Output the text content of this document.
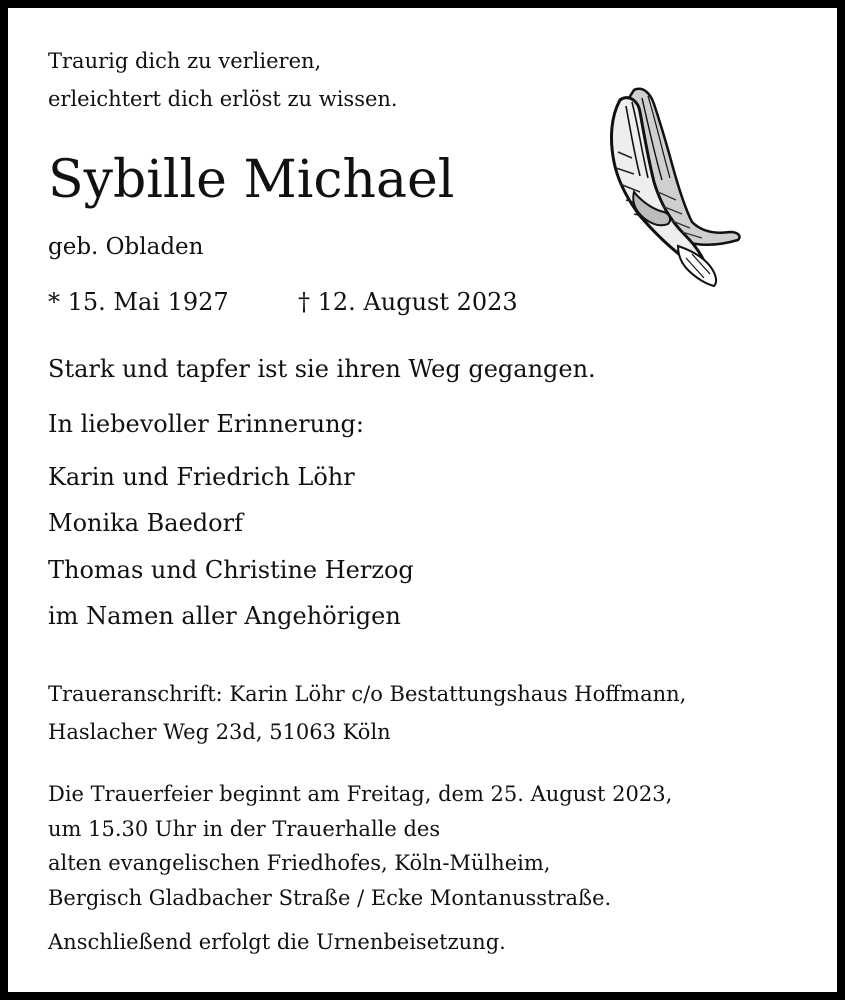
Traurig dich zu verlieren,

erleichtert dich erlöst zu wissen.

Sybille Michael

geb. Obladen

* 15. Mai 1927	† 12. August 2023

Stark und tapfer ist sie ihren Weg gegangen.

In liebevoller Erinnerung:

Karin und Friedrich Löhr

Monika Baedorf

Thomas und Christine Herzog

im Namen aller Angehörigen

Traueranschrift: Karin Löhr c/o Bestattungshaus Hoffmann,

Haslacher Weg 23d, 51063 Köln

Die Trauerfeier beginnt am Freitag, dem 25. August 2023,

um 15.30 Uhr in der Trauerhalle des

alten evangelischen Friedhofes, Köln-Mülheim,

Bergisch Gladbacher Straße / Ecke Montanusstraße.

Anschließend erfolgt die Urnenbeisetzung.
